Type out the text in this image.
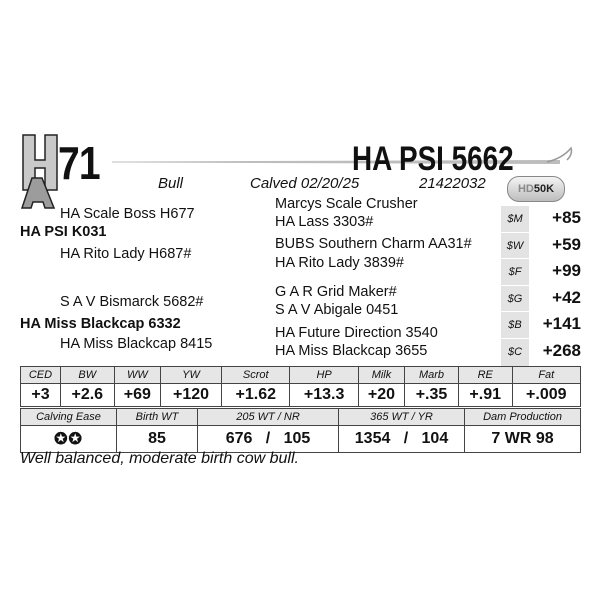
71	HA PSI 5662
Bull	Calved 02/20/25	21422032	HD50K
HA Scale Boss H677
HA PSI K031
HA Rito Lady H687#
S A V Bismarck 5682#
HA Miss Blackcap 6332
HA Miss Blackcap 8415
Marcys Scale Crusher
HA Lass 3303#
BUBS Southern Charm AA31#
HA Rito Lady 3839#
G A R Grid Maker#
S A V Abigale 0451
HA Future Direction 3540
HA Miss Blackcap 3655
$M	+85
$W	+59
$F	+99
$G	+42
$B	+141
$C	+268
CED	BW	WW	YW	Scrot	HP	Milk	Marb	RE	Fat
+3	+2.6	+69	+120	+1.62	+13.3	+20	+.35	+.91	+.009
Calving Ease	Birth WT	205 WT / NR	365 WT / YR	Dam Production
✪✪	85	676 / 105	1354 / 104	7 WR 98
Well balanced, moderate birth cow bull.
